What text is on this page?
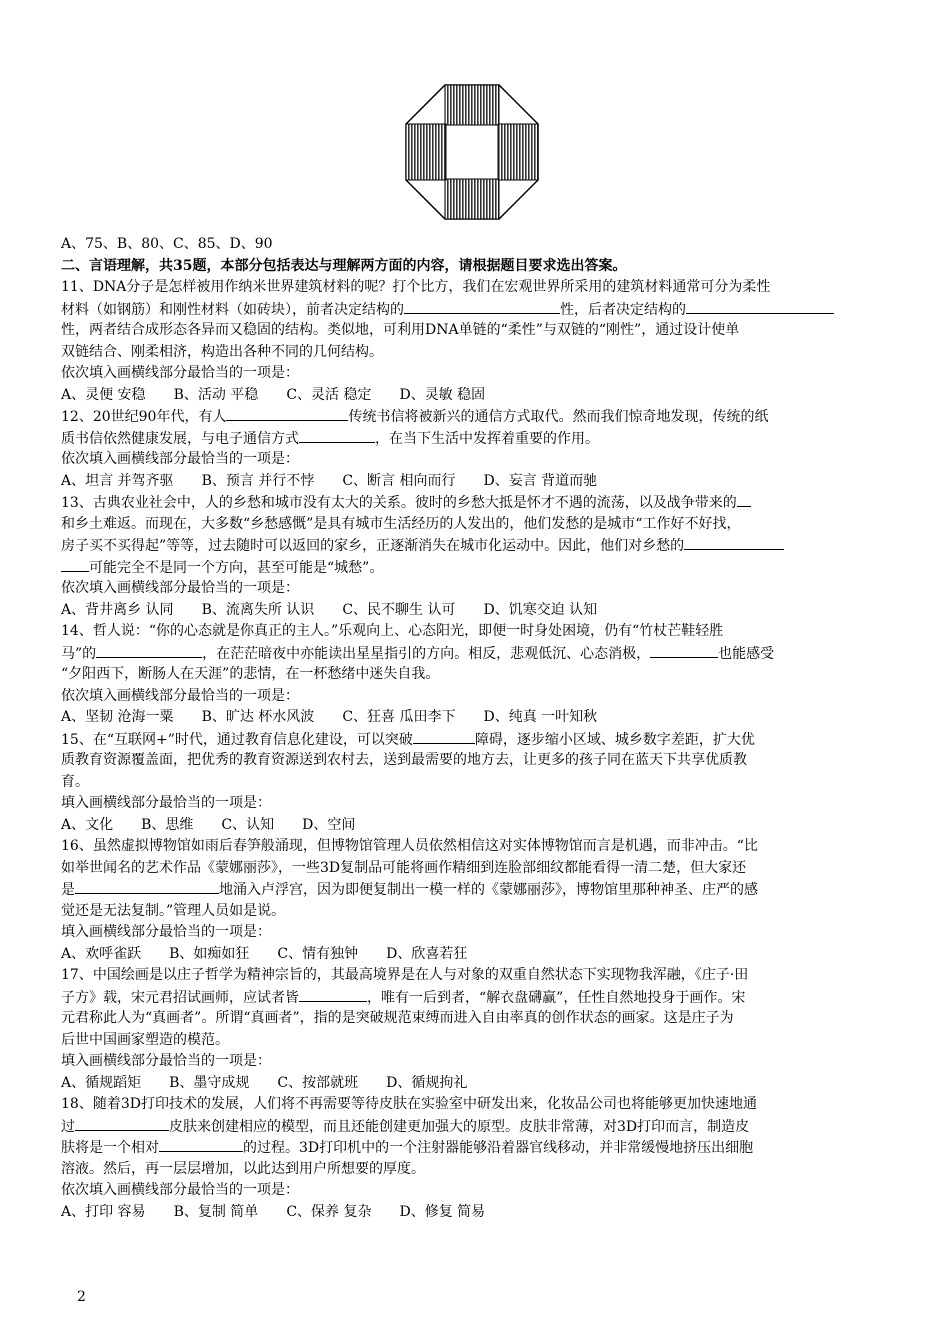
A、75、B、80、C、85、D、90
二、言语理解，共35题，本部分包括表达与理解两方面的内容，请根据题目要求选出答案。
11、DNA分子是怎样被用作纳米世界建筑材料的呢？打个比方，我们在宏观世界所采用的建筑材料通常可分为柔性
材料（如钢筋）和刚性材料（如砖块），前者决定结构的	性，后者决定结构的
性，两者结合成形态各异而又稳固的结构。类似地，可利用DNA单链的“柔性”与双链的“刚性”，通过设计使单
双链结合、刚柔相济，构造出各种不同的几何结构。
依次填入画横线部分最恰当的一项是：
A、灵便 安稳 B、活动 平稳 C、灵活 稳定 D、灵敏 稳固
12、20世纪90年代，有人	传统书信将被新兴的通信方式取代。然而我们惊奇地发现，传统的纸
质书信依然健康发展，与电子通信方式	，在当下生活中发挥着重要的作用。
依次填入画横线部分最恰当的一项是：
A、坦言 并驾齐驱 B、预言 并行不悖 C、断言 相向而行 D、妄言 背道而驰
13、古典农业社会中，人的乡愁和城市没有太大的关系。彼时的乡愁大抵是怀才不遇的流荡，以及战争带来的
和乡土难返。而现在，大多数“乡愁感慨”是具有城市生活经历的人发出的，他们发愁的是城市“工作好不好找，
房子买不买得起”等等，过去随时可以返回的家乡，正逐渐消失在城市化运动中。因此，他们对乡愁的
可能完全不是同一个方向，甚至可能是“城愁”。
依次填入画横线部分最恰当的一项是：
A、背井离乡 认同 B、流离失所 认识 C、民不聊生 认可 D、饥寒交迫 认知
14、哲人说：“你的心态就是你真正的主人。”乐观向上、心态阳光，即便一时身处困境，仍有“竹杖芒鞋轻胜
马”的	，在茫茫暗夜中亦能读出星星指引的方向。相反，悲观低沉、心态消极，	也能感受
“夕阳西下，断肠人在天涯”的悲情，在一杯愁绪中迷失自我。
依次填入画横线部分最恰当的一项是：
A、坚韧 沧海一粟 B、旷达 杯水风波 C、狂喜 瓜田李下 D、纯真 一叶知秋
15、在“互联网+”时代，通过教育信息化建设，可以突破	障碍，逐步缩小区域、城乡数字差距，扩大优
质教育资源覆盖面，把优秀的教育资源送到农村去，送到最需要的地方去，让更多的孩子同在蓝天下共享优质教
育。
填入画横线部分最恰当的一项是：
A、文化 B、思维 C、认知 D、空间
16、虽然虚拟博物馆如雨后春笋般涌现，但博物馆管理人员依然相信这对实体博物馆而言是机遇，而非冲击。“比
如举世闻名的艺术作品《蒙娜丽莎》，一些3D复制品可能将画作精细到连脸部细纹都能看得一清二楚，但大家还
是	地涌入卢浮宫，因为即便复制出一模一样的《蒙娜丽莎》，博物馆里那种神圣、庄严的感
觉还是无法复制。”管理人员如是说。
填入画横线部分最恰当的一项是：
A、欢呼雀跃 B、如痴如狂 C、情有独钟 D、欣喜若狂
17、中国绘画是以庄子哲学为精神宗旨的，其最高境界是在人与对象的双重自然状态下实现物我浑融，《庄子·田
子方》载，宋元君招试画师，应试者皆	，唯有一后到者，“解衣盘礴赢”，任性自然地投身于画作。宋
元君称此人为“真画者”。所谓“真画者”，指的是突破规范束缚而进入自由率真的创作状态的画家。这是庄子为
后世中国画家塑造的模范。
填入画横线部分最恰当的一项是：
A、循规蹈矩 B、墨守成规 C、按部就班 D、循规拘礼
18、随着3D打印技术的发展，人们将不再需要等待皮肤在实验室中研发出来，化妆品公司也将能够更加快速地通
过	皮肤来创建相应的模型，而且还能创建更加强大的原型。皮肤非常薄，对3D打印而言，制造皮
肤将是一个相对	的过程。3D打印机中的一个注射器能够沿着器官线移动，并非常缓慢地挤压出细胞
溶液。然后，再一层层增加，以此达到用户所想要的厚度。
依次填入画横线部分最恰当的一项是：
A、打印 容易 B、复制 简单 C、保养 复杂 D、修复 简易
2
